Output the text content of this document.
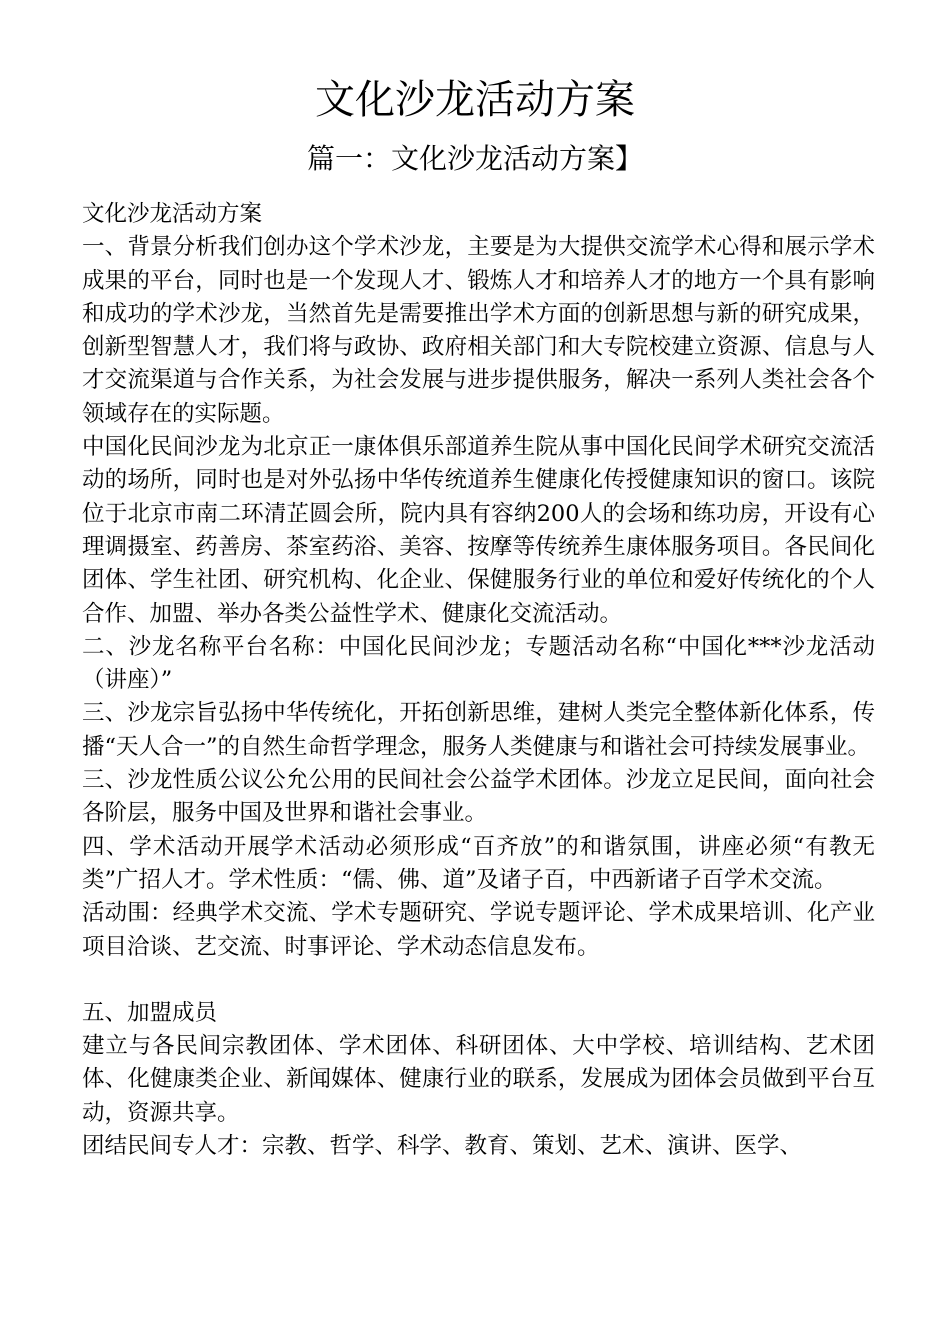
文化沙龙活动方案
篇一：文化沙龙活动方案】

文化沙龙活动方案

一、背景分析我们创办这个学术沙龙，主要是为大提供交流学术心得和展示学术成果的平台，同时也是一个发现人才、锻炼人才和培养人才的地方一个具有影响和成功的学术沙龙，当然首先是需要推出学术方面的创新思想与新的研究成果，创新型智慧人才，我们将与政协、政府相关部门和大专院校建立资源、信息与人才交流渠道与合作关系，为社会发展与进步提供服务，解决一系列人类社会各个领域存在的实际题。

中国化民间沙龙为北京正一康体俱乐部道养生院从事中国化民间学术研究交流活动的场所，同时也是对外弘扬中华传统道养生健康化传授健康知识的窗口。该院位于北京市南二环清芷圆会所，院内具有容纳200人的会场和练功房，开设有心理调摄室、药善房、茶室药浴、美容、按摩等传统养生康体服务项目。各民间化团体、学生社团、研究机构、化企业、保健服务行业的单位和爱好传统化的个人合作、加盟、举办各类公益性学术、健康化交流活动。

二、沙龙名称平台名称：中国化民间沙龙；专题活动名称“中国化***沙龙活动（讲座）”

三、沙龙宗旨弘扬中华传统化，开拓创新思维，建树人类完全整体新化体系，传播“天人合一”的自然生命哲学理念，服务人类健康与和谐社会可持续发展事业。

三、沙龙性质公议公允公用的民间社会公益学术团体。沙龙立足民间，面向社会各阶层，服务中国及世界和谐社会事业。

四、学术活动开展学术活动必须形成“百齐放”的和谐氛围，讲座必须“有教无类”广招人才。学术性质：“儒、佛、道”及诸子百，中西新诸子百学术交流。

活动围：经典学术交流、学术专题研究、学说专题评论、学术成果培训、化产业项目洽谈、艺交流、时事评论、学术动态信息发布。

五、加盟成员

建立与各民间宗教团体、学术团体、科研团体、大中学校、培训结构、艺术团体、化健康类企业、新闻媒体、健康行业的联系，发展成为团体会员做到平台互动，资源共享。

团结民间专人才：宗教、哲学、科学、教育、策划、艺术、演讲、医学、
